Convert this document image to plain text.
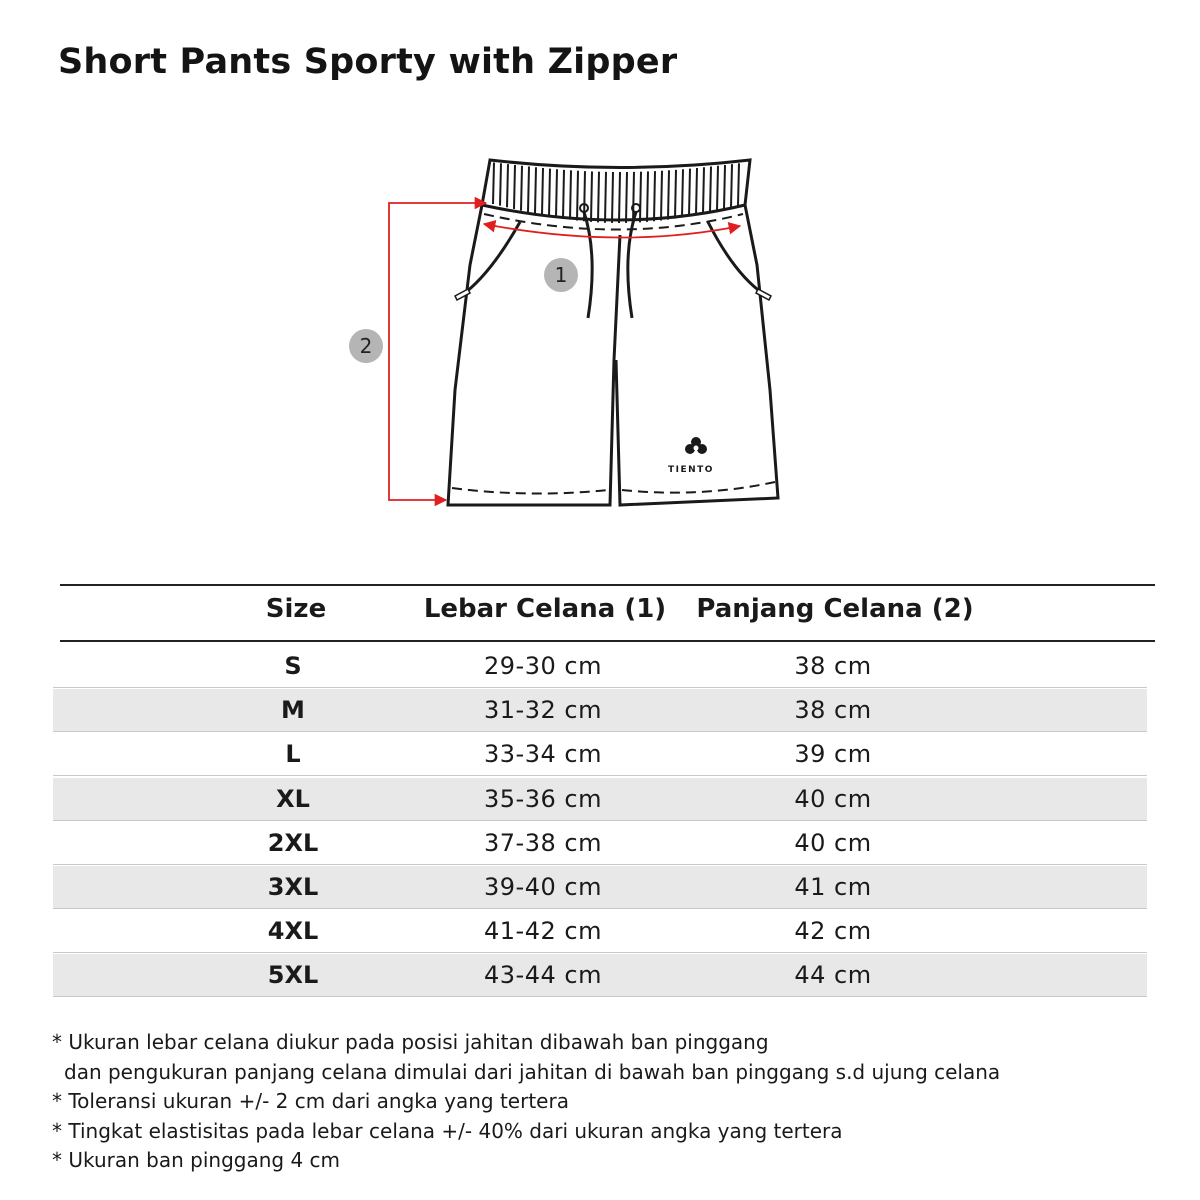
Short Pants Sporty with Zipper
TIENTO
1
2
Size	Lebar Celana (1)	Panjang Celana (2)
S	29-30 cm	38 cm
M	31-32 cm	38 cm
L	33-34 cm	39 cm
XL	35-36 cm	40 cm
2XL	37-38 cm	40 cm
3XL	39-40 cm	41 cm
4XL	41-42 cm	42 cm
5XL	43-44 cm	44 cm
* Ukuran lebar celana diukur pada posisi jahitan dibawah ban pinggang
dan pengukuran panjang celana dimulai dari jahitan di bawah ban pinggang s.d ujung celana
* Toleransi ukuran +/- 2 cm dari angka yang tertera
* Tingkat elastisitas pada lebar celana +/- 40% dari ukuran angka yang tertera
* Ukuran ban pinggang 4 cm
